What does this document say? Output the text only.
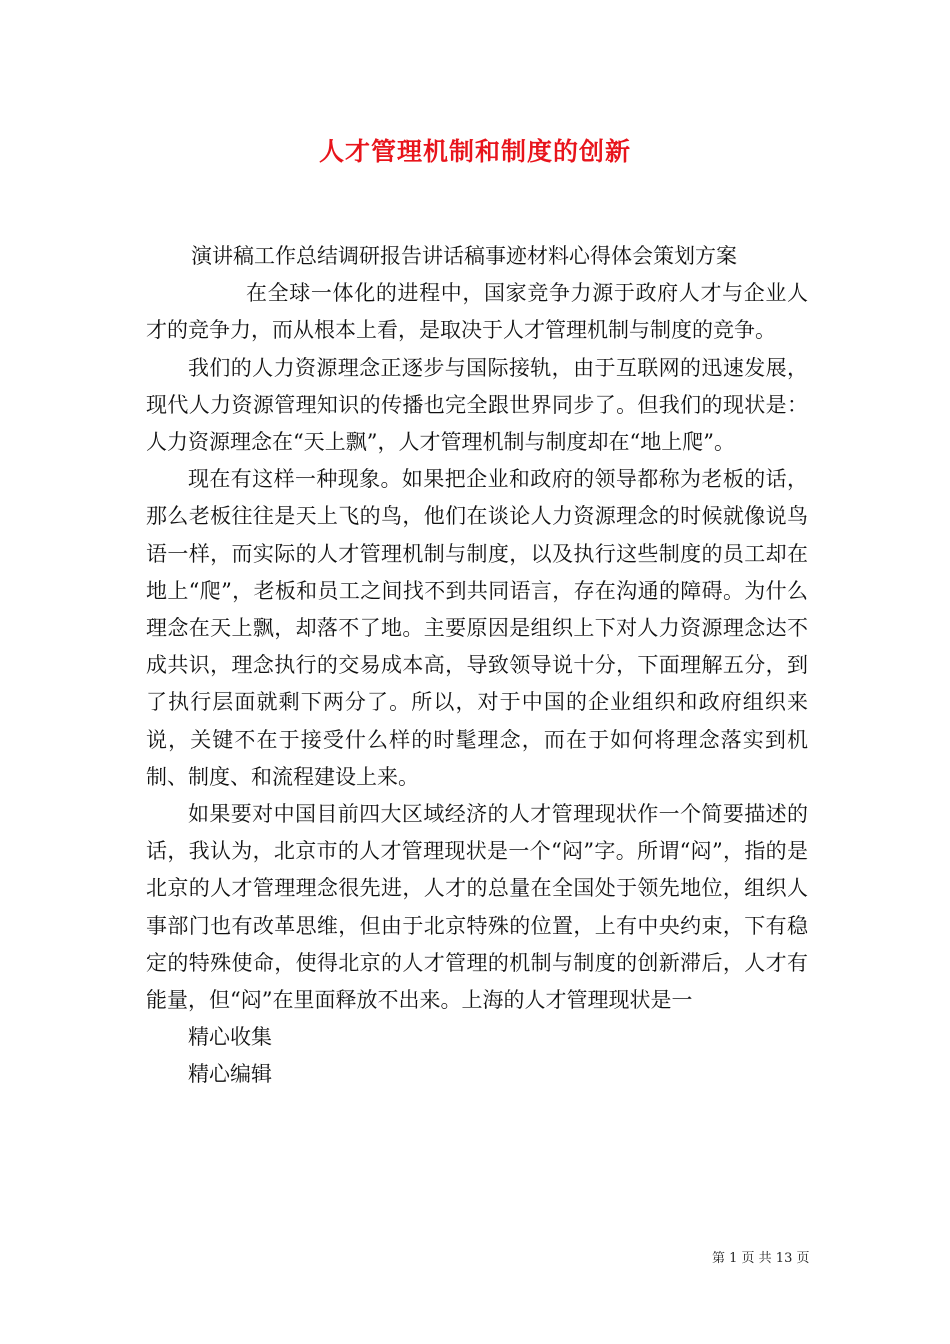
人才管理机制和制度的创新

演讲稿工作总结调研报告讲话稿事迹材料心得体会策划方案

在全球一体化的进程中，国家竞争力源于政府人才与企业人才的竞争力，而从根本上看，是取决于人才管理机制与制度的竞争。

我们的人力资源理念正逐步与国际接轨，由于互联网的迅速发展，现代人力资源管理知识的传播也完全跟世界同步了。但我们的现状是：人力资源理念在“天上飘”，人才管理机制与制度却在“地上爬”。

现在有这样一种现象。如果把企业和政府的领导都称为老板的话，那么老板往往是天上飞的鸟，他们在谈论人力资源理念的时候就像说鸟语一样，而实际的人才管理机制与制度，以及执行这些制度的员工却在地上“爬”，老板和员工之间找不到共同语言，存在沟通的障碍。为什么理念在天上飘，却落不了地。主要原因是组织上下对人力资源理念达不成共识，理念执行的交易成本高，导致领导说十分，下面理解五分，到了执行层面就剩下两分了。所以，对于中国的企业组织和政府组织来说，关键不在于接受什么样的时髦理念，而在于如何将理念落实到机制、制度、和流程建设上来。

如果要对中国目前四大区域经济的人才管理现状作一个简要描述的话，我认为，北京市的人才管理现状是一个“闷”字。所谓“闷”，指的是北京的人才管理理念很先进，人才的总量在全国处于领先地位，组织人事部门也有改革思维，但由于北京特殊的位置，上有中央约束，下有稳定的特殊使命，使得北京的人才管理的机制与制度的创新滞后，人才有能量，但“闷”在里面释放不出来。上海的人才管理现状是一

精心收集

精心编辑

第 1 页 共 13 页
